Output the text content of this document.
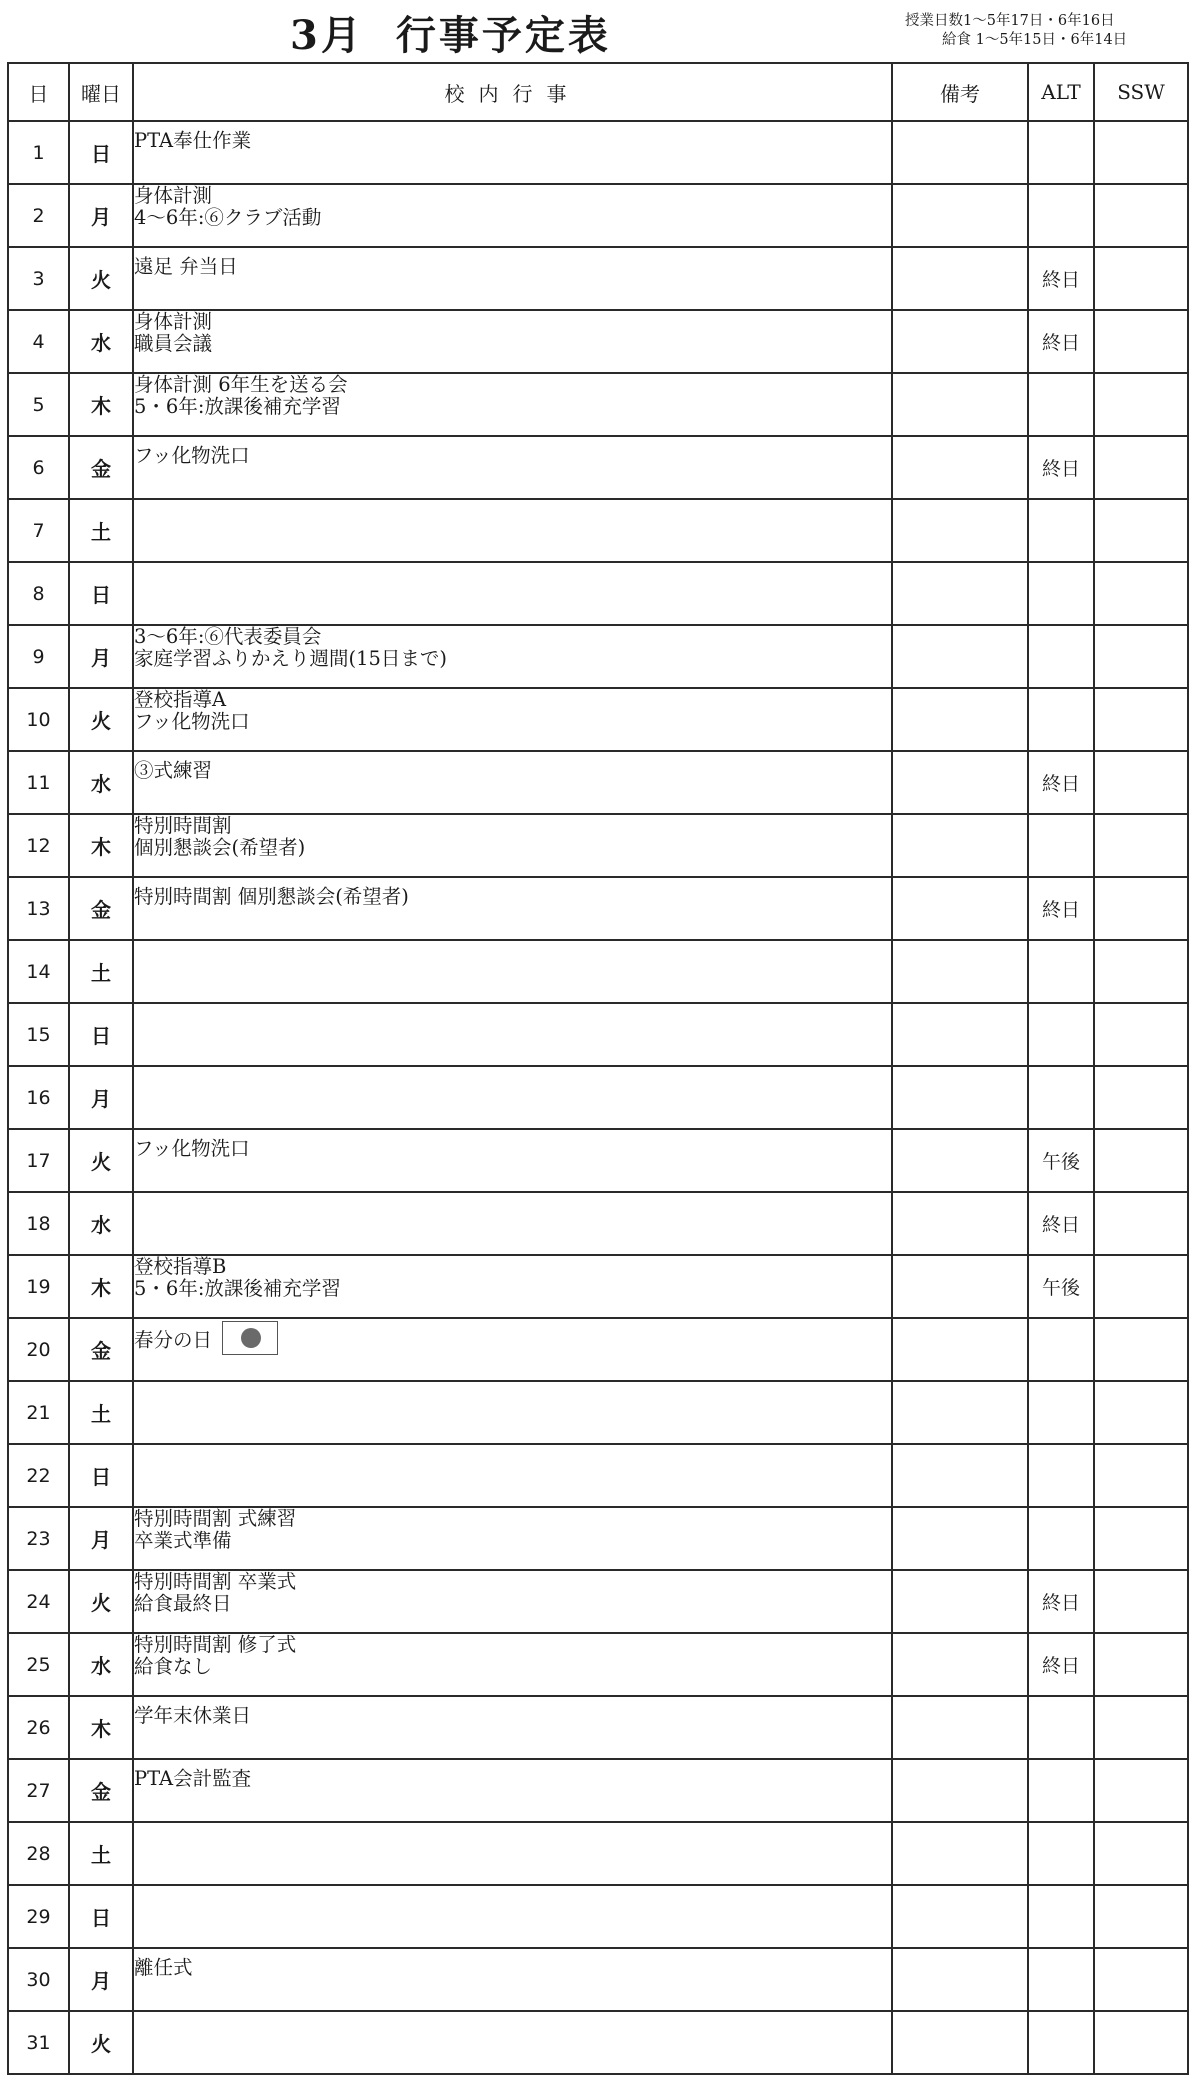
3月 行事予定表	授業日数1～5年17日・6年16日
給食 1～5年15日・6年14日
日	曜日	校内行事	備考	ALT	SSW
1	日	PTA奉仕作業			

2	月	身体計測
4～6年:⑥クラブ活動			

3	火	遠足 弁当日		終日	
4	水	身体計測
職員会議		終日	
5	木	身体計測 6年生を送る会
5・6年:放課後補充学習			

6	金	フッ化物洗口		終日	
7	土				
8	日				
9	月	3～6年:⑥代表委員会
家庭学習ふりかえり週間(15日まで)			

10	火	登校指導A
フッ化物洗口			

11	水	③式練習		終日	
12	木	特別時間割
個別懇談会(希望者)			

13	金	特別時間割 個別懇談会(希望者)		終日	
14	土				
15	日				
16	月				
17	火	フッ化物洗口		午後	
18	水			終日	
19	木	登校指導B
5・6年:放課後補充学習		午後	
20	金	春分の日			

21	土				
22	日				
23	月	特別時間割 式練習
卒業式準備			

24	火	特別時間割 卒業式
給食最終日		終日	
25	水	特別時間割 修了式
給食なし		終日	
26	木	学年末休業日			

27	金	PTA会計監査			

28	土				
29	日				
30	月	離任式			

31	火				
